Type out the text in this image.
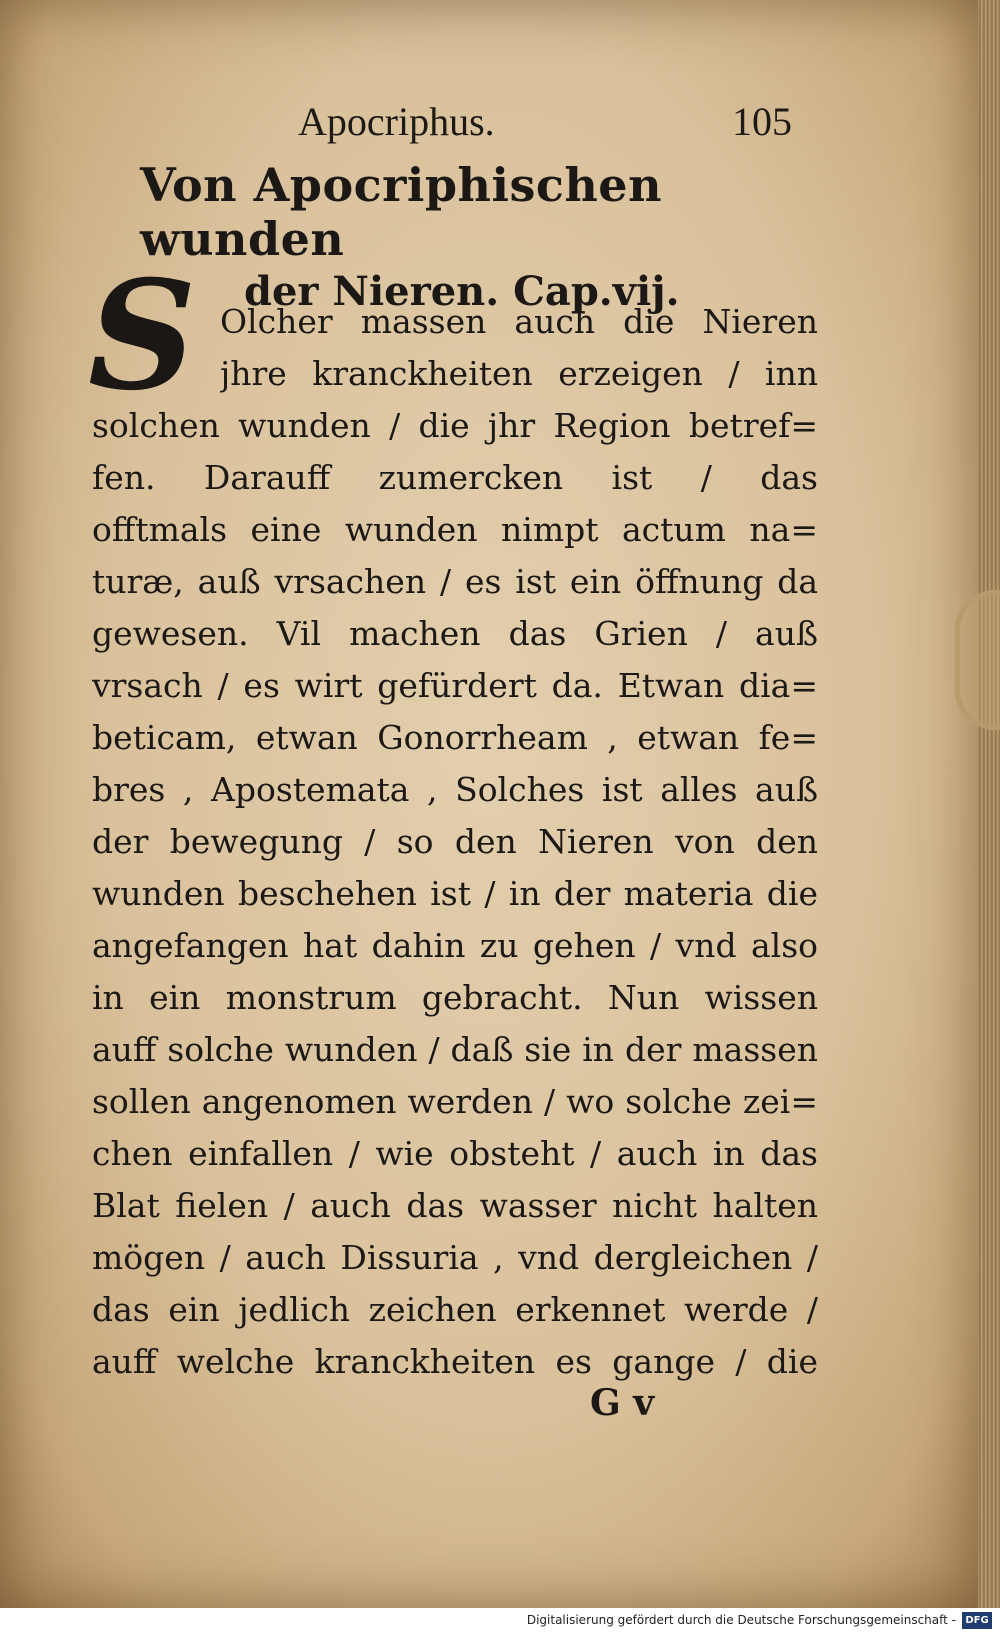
Apocriphus.	105
Von Apocriphischen wunden
der Nieren. Cap.vij.
S Olcher massen auch die Nieren
jhre kranckheiten erzeigen / inn
solchen wunden / die jhr Region betref=
fen. Darauff zumercken ist / das
offtmals eine wunden nimpt actum na=
turæ, auß vrsachen / es ist ein öffnung da
gewesen. Vil machen das Grien / auß
vrsach / es wirt gefürdert da. Etwan dia=
beticam, etwan Gonorrheam , etwan fe=
bres , Apostemata , Solches ist alles auß
der bewegung / so den Nieren von den
wunden beschehen ist / in der materia die
angefangen hat dahin zu gehen / vnd also
in ein monstrum gebracht. Nun wissen
auff solche wunden / daß sie in der massen
sollen angenomen werden / wo solche zei=
chen einfallen / wie obsteht / auch in das
Blat fielen / auch das wasser nicht halten
mögen / auch Dissuria , vnd dergleichen /
das ein jedlich zeichen erkennet werde /
auff welche kranckheiten es gange / die
G v
Digitalisierung gefördert durch die Deutsche Forschungsgemeinschaft - DFG
